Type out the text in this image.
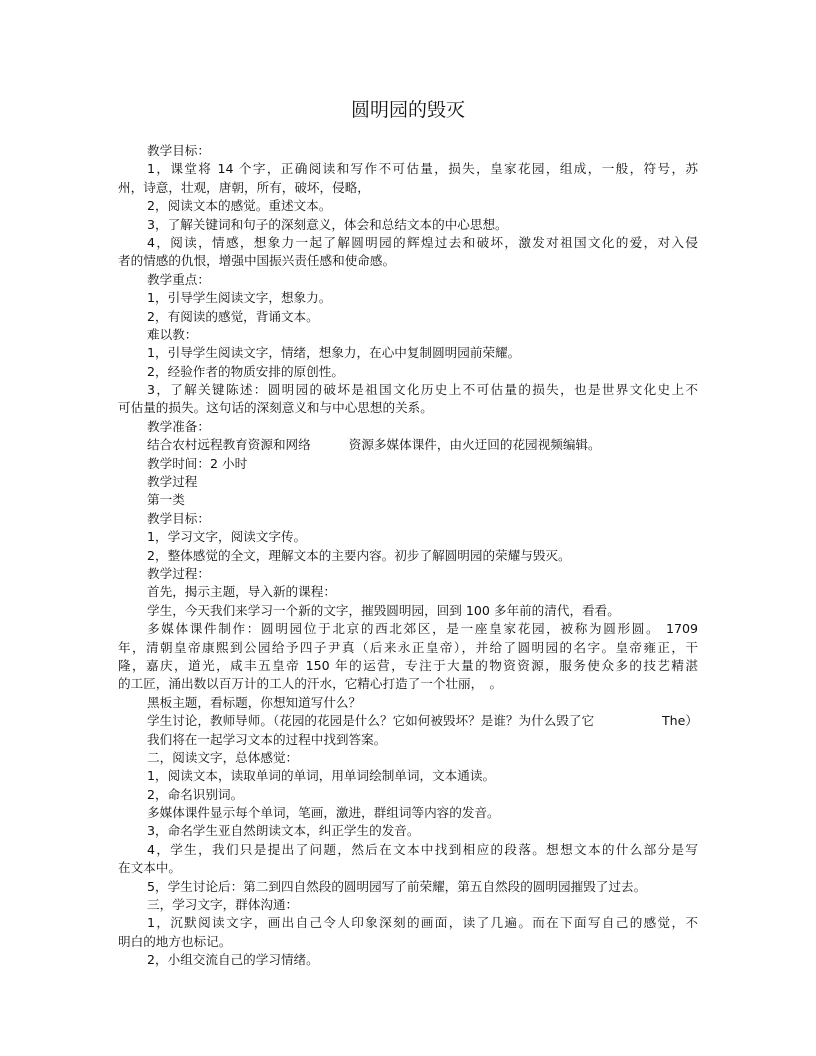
圆明园的毁灭
教学目标：
1，课堂将 14 个字，正确阅读和写作不可估量，损失，皇家花园，组成，一般，符号，苏
州，诗意，壮观，唐朝，所有，破坏，侵略，
2，阅读文本的感觉。重述文本。
3，了解关键词和句子的深刻意义，体会和总结文本的中心思想。
4，阅读，情感，想象力一起了解圆明园的辉煌过去和破坏，激发对祖国文化的爱，对入侵
者的情感的仇恨，增强中国振兴责任感和使命感。
教学重点：
1，引导学生阅读文字，想象力。
2，有阅读的感觉，背诵文本。
难以教：
1，引导学生阅读文字，情绪，想象力，在心中复制圆明园前荣耀。
2，经验作者的物质安排的原创性。
3，了解关键陈述：圆明园的破坏是祖国文化历史上不可估量的损失，也是世界文化史上不
可估量的损失。这句话的深刻意义和与中心思想的关系。
教学准备：
结合农村远程教育资源和网络	资源多媒体课件，由火迂回的花园视频编辑。
教学时间：2 小时
教学过程
第一类
教学目标：
1，学习文字，阅读文字传。
2，整体感觉的全文，理解文本的主要内容。初步了解圆明园的荣耀与毁灭。
教学过程：
首先，揭示主题，导入新的课程：
学生，今天我们来学习一个新的文字，摧毁圆明园，回到 100 多年前的清代，看看。
多媒体课件制作：圆明园位于北京的西北郊区，是一座皇家花园，被称为圆形圆。 1709
年，清朝皇帝康熙到公园给予四子尹真（后来永正皇帝），并给了圆明园的名字。皇帝雍正，干
隆，嘉庆，道光，咸丰五皇帝 150 年的运营，专注于大量的物资资源，服务使众多的技艺精湛
的工匠，涌出数以百万计的工人的汗水，它精心打造了一个壮丽，　。
黑板主题，看标题，你想知道写什么？
学生讨论，教师导师。（花园的花园是什么？它如何被毁坏？是谁？为什么毁了它	The）
我们将在一起学习文本的过程中找到答案。
二，阅读文字，总体感觉：
1，阅读文本，读取单词的单词，用单词绘制单词，文本通读。
2，命名识别词。
多媒体课件显示每个单词，笔画，激进，群组词等内容的发音。
3，命名学生亚自然朗读文本，纠正学生的发音。
4，学生，我们只是提出了问题，然后在文本中找到相应的段落。想想文本的什么部分是写
在文本中。
5，学生讨论后：第二到四自然段的圆明园写了前荣耀，第五自然段的圆明园摧毁了过去。
三，学习文字，群体沟通：
1，沉默阅读文字，画出自己令人印象深刻的画面，读了几遍。而在下面写自己的感觉，不
明白的地方也标记。
2，小组交流自己的学习情绪。
